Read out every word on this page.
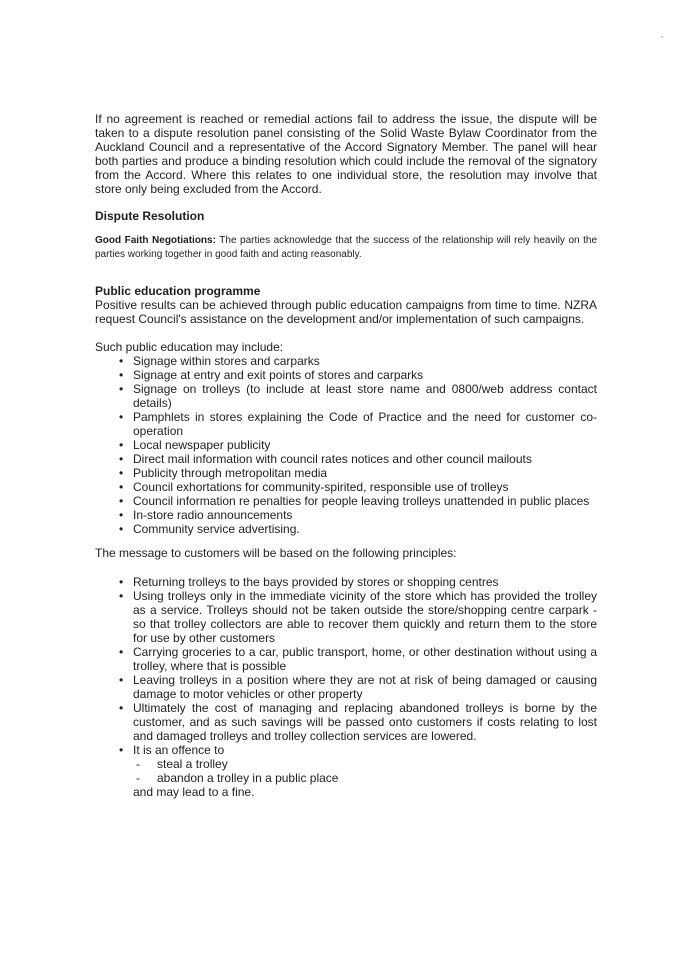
If no agreement is reached or remedial actions fail to address the issue, the dispute will be taken to a dispute resolution panel consisting of the Solid Waste Bylaw Coordinator from the Auckland Council and a representative of the Accord Signatory Member. The panel will hear both parties and produce a binding resolution which could include the removal of the signatory from the Accord. Where this relates to one individual store, the resolution may involve that store only being excluded from the Accord.

Dispute Resolution

Good Faith Negotiations: The parties acknowledge that the success of the relationship will rely heavily on the parties working together in good faith and acting reasonably.

Public education programme

Positive results can be achieved through public education campaigns from time to time. NZRA request Council's assistance on the development and/or implementation of such campaigns.

Such public education may include:

• Signage within stores and carparks
• Signage at entry and exit points of stores and carparks
• Signage on trolleys (to include at least store name and 0800/web address contact details)
• Pamphlets in stores explaining the Code of Practice and the need for customer co-operation
• Local newspaper publicity
• Direct mail information with council rates notices and other council mailouts
• Publicity through metropolitan media
• Council exhortations for community-spirited, responsible use of trolleys
• Council information re penalties for people leaving trolleys unattended in public places
• In-store radio announcements
• Community service advertising.

The message to customers will be based on the following principles:

• Returning trolleys to the bays provided by stores or shopping centres
• Using trolleys only in the immediate vicinity of the store which has provided the trolley as a service. Trolleys should not be taken outside the store/shopping centre carpark - so that trolley collectors are able to recover them quickly and return them to the store for use by other customers
• Carrying groceries to a car, public transport, home, or other destination without using a trolley, where that is possible
• Leaving trolleys in a position where they are not at risk of being damaged or causing damage to motor vehicles or other property
• Ultimately the cost of managing and replacing abandoned trolleys is borne by the customer, and as such savings will be passed onto customers if costs relating to lost and damaged trolleys and trolley collection services are lowered.
• It is an offence to
- steal a trolley
- abandon a trolley in a public place
and may lead to a fine.
